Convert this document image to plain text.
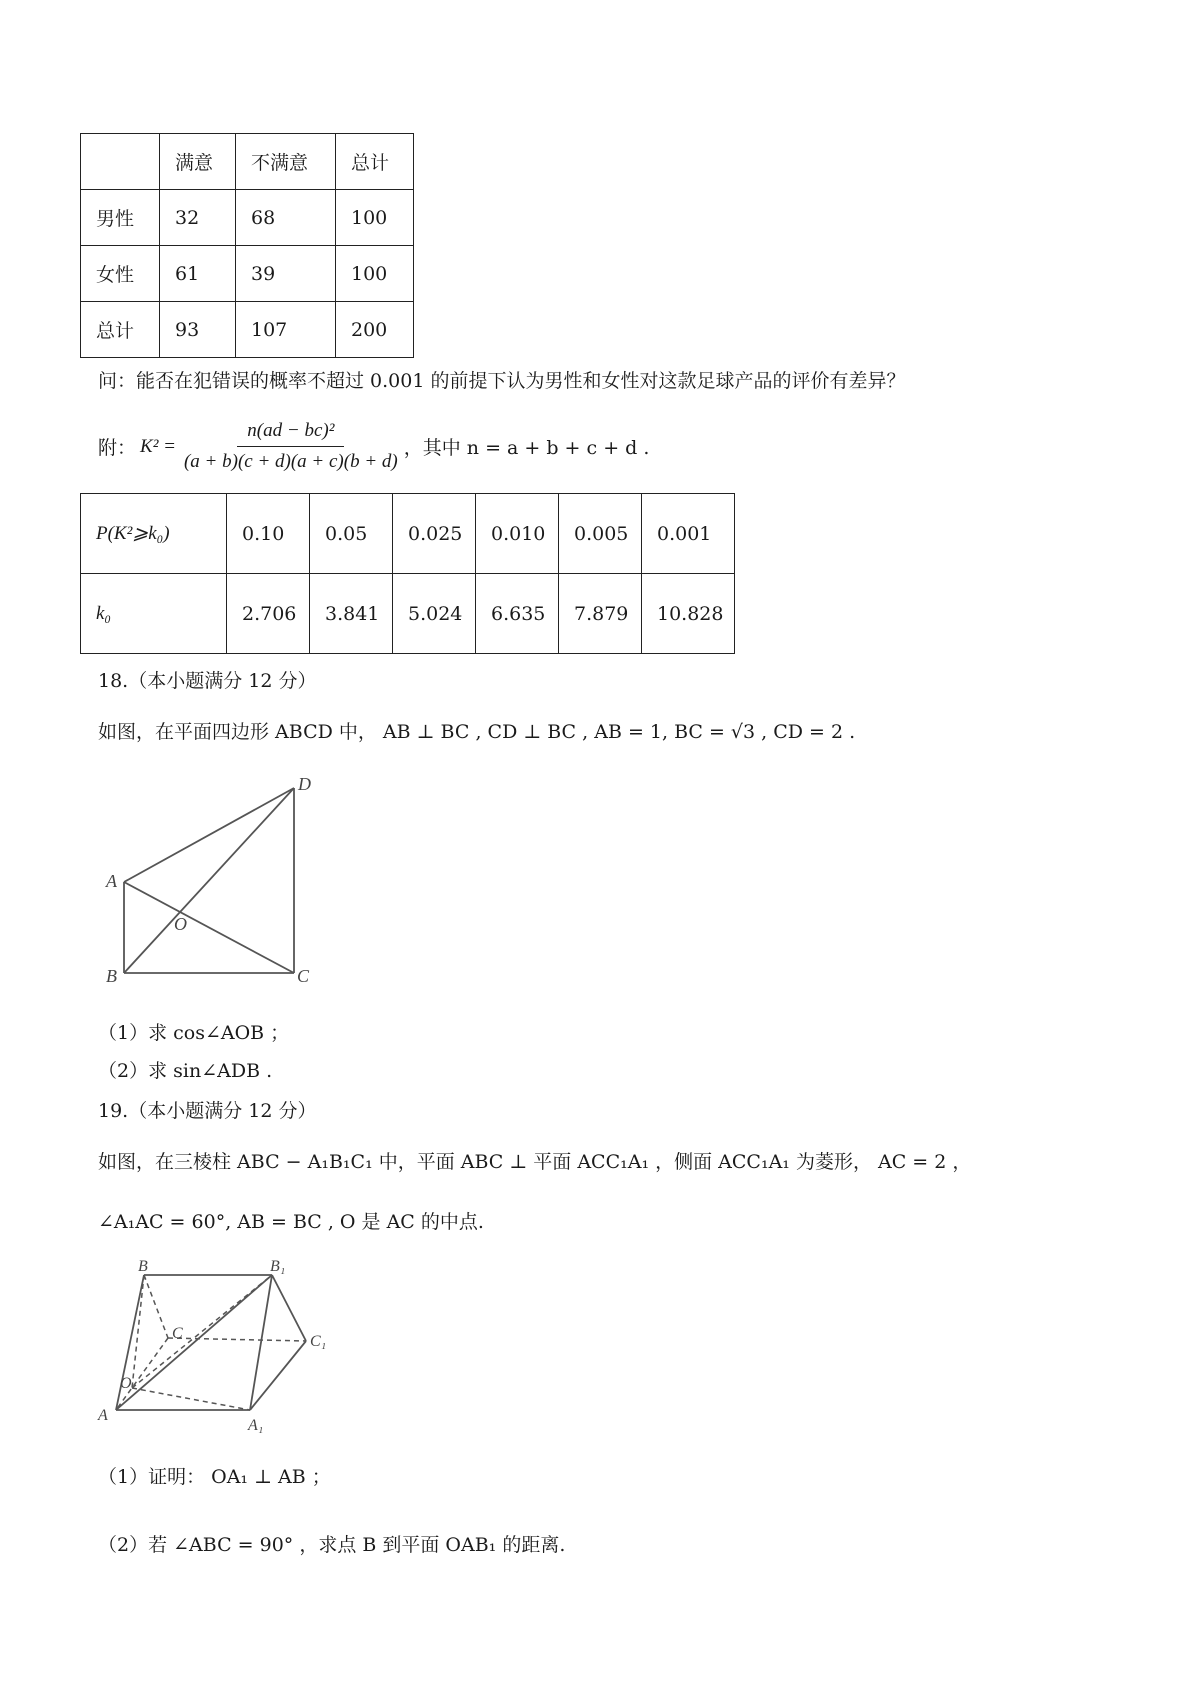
	满意	不满意	总计
男性	32	68	100
女性	61	39	100
总计	93	107	200
问：能否在犯错误的概率不超过 0.001 的前提下认为男性和女性对这款足球产品的评价有差异？
附： $K^2 = \frac{\text{n(ad − bc)²}}{(a + b)(c + d)(a + c)(b + d)}$ ，其中 n = a + b + c + d .
P(K²⩾k₀)	0.10	0.05	0.025	0.010	0.005	0.001
k₀	2.706	3.841	5.024	6.635	7.879	10.828
18.（本小题满分 12 分）
如图，在平面四边形 ABCD 中， AB ⊥ BC , CD ⊥ BC , AB = 1, BC = √3 , CD = 2 .
D
A
O
B	C
（1）求 cos∠AOB ；
（2）求 sin∠ADB .
19.（本小题满分 12 分）
如图，在三棱柱 ABC − A₁B₁C₁ 中，平面 ABC ⊥ 平面 ACC₁A₁ ，侧面 ACC₁A₁ 为菱形， AC = 2 ，
∠A₁AC = 60°, AB = BC , O 是 AC 的中点.
B	B₁
C	C₁
O
A
A₁
（1）证明： OA₁ ⊥ AB ；
（2）若 ∠ABC = 90° ，求点 B 到平面 OAB₁ 的距离.
